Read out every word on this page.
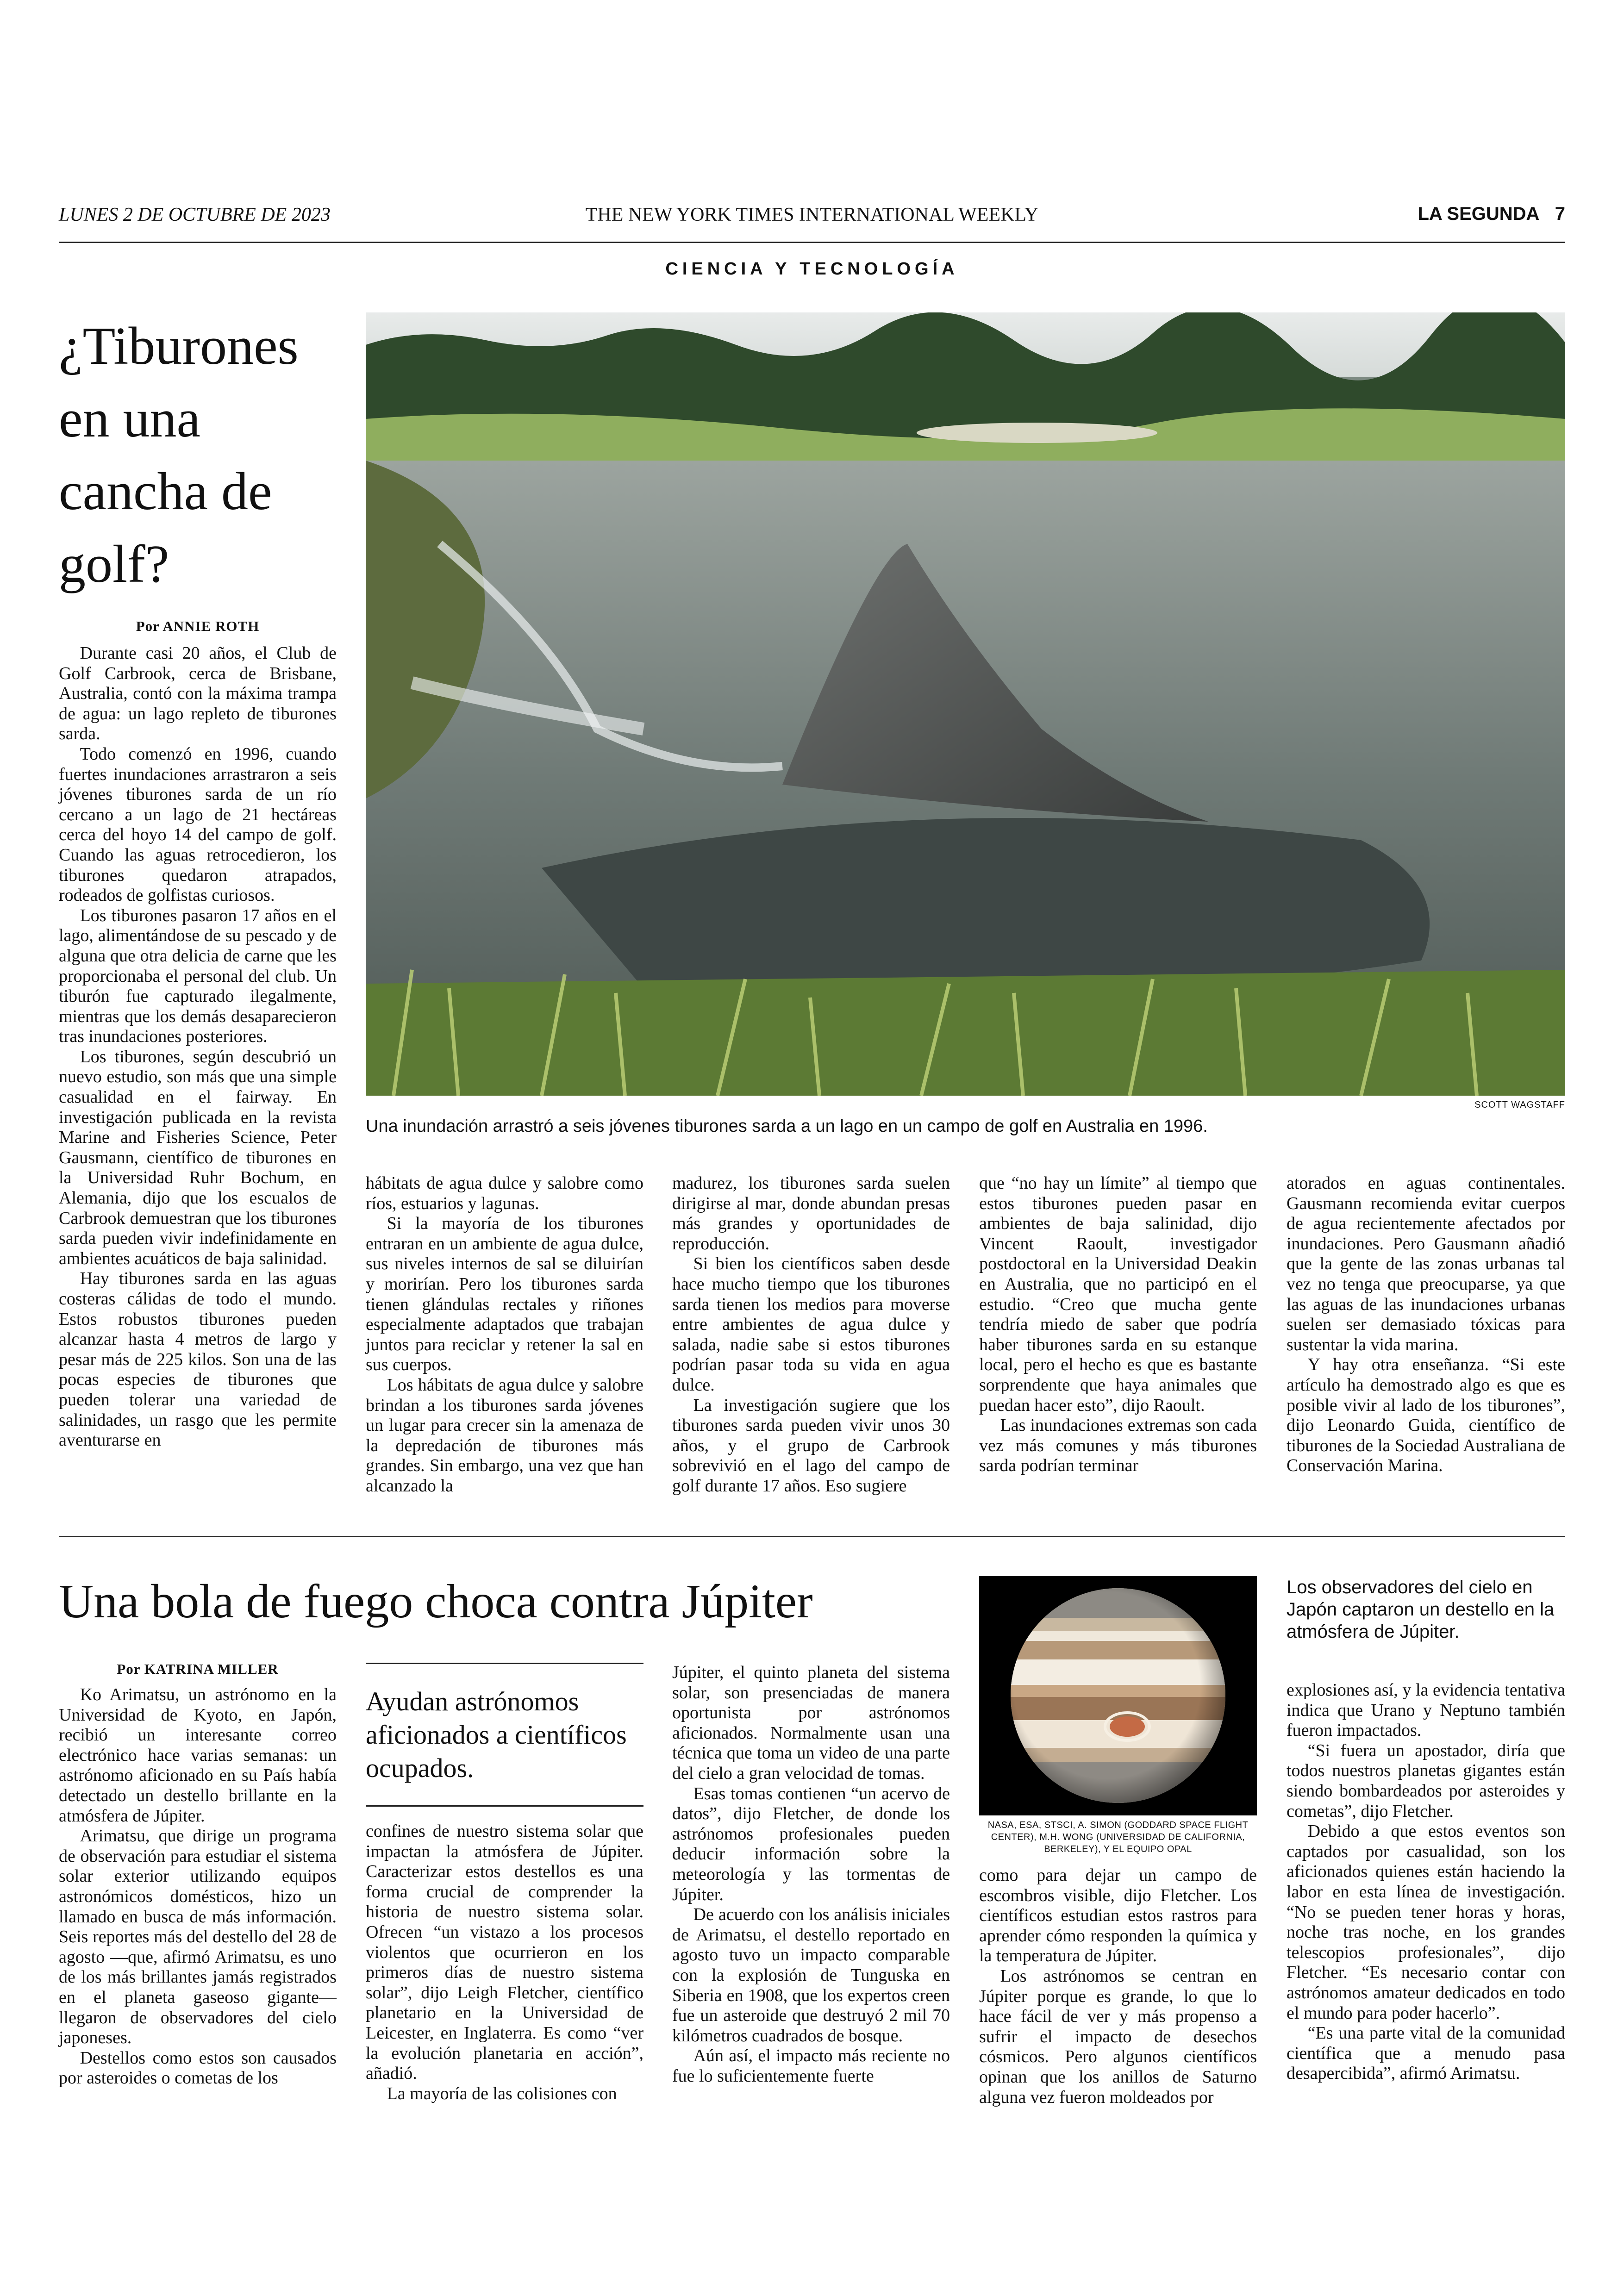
LUNES 2 DE OCTUBRE DE 2023	THE NEW YORK TIMES INTERNATIONAL WEEKLY	LA SEGUNDA 7
CIENCIA Y TECNOLOGÍA
¿Tiburones en una cancha de golf?
Por ANNIE ROTH
SCOTT WAGSTAFF
Una inundación arrastró a seis jóvenes tiburones sarda a un lago en un campo de golf en Australia en 1996.

Durante casi 20 años, el Club de Golf Carbrook, cerca de Brisbane, Australia, contó con la máxima trampa de agua: un lago repleto de tiburones sarda.

Todo comenzó en 1996, cuando fuertes inundaciones arrastraron a seis jóvenes tiburones sarda de un río cercano a un lago de 21 hectáreas cerca del hoyo 14 del campo de golf. Cuando las aguas retrocedieron, los tiburones quedaron atrapados, rodeados de golfistas curiosos.

Los tiburones pasaron 17 años en el lago, alimentándose de su pescado y de alguna que otra delicia de carne que les proporcionaba el personal del club. Un tiburón fue capturado ilegalmente, mientras que los demás desaparecieron tras inundaciones posteriores.

Los tiburones, según descubrió un nuevo estudio, son más que una simple casualidad en el fairway. En investigación publicada en la revista Marine and Fisheries Science, Peter Gausmann, científico de tiburones en la Universidad Ruhr Bochum, en Alemania, dijo que los escualos de Carbrook demuestran que los tiburones sarda pueden vivir indefinidamente en ambientes acuáticos de baja salinidad.

Hay tiburones sarda en las aguas costeras cálidas de todo el mundo. Estos robustos tiburones pueden alcanzar hasta 4 metros de largo y pesar más de 225 kilos. Son una de las pocas especies de tiburones que pueden tolerar una variedad de salinidades, un rasgo que les permite aventurarse en

hábitats de agua dulce y salobre como ríos, estuarios y lagunas.

Si la mayoría de los tiburones entraran en un ambiente de agua dulce, sus niveles internos de sal se diluirían y morirían. Pero los tiburones sarda tienen glándulas rectales y riñones especialmente adaptados que trabajan juntos para reciclar y retener la sal en sus cuerpos.

Los hábitats de agua dulce y salobre brindan a los tiburones sarda jóvenes un lugar para crecer sin la amenaza de la depredación de tiburones más grandes. Sin embargo, una vez que han alcanzado la

madurez, los tiburones sarda suelen dirigirse al mar, donde abundan presas más grandes y oportunidades de reproducción.

Si bien los científicos saben desde hace mucho tiempo que los tiburones sarda tienen los medios para moverse entre ambientes de agua dulce y salada, nadie sabe si estos tiburones podrían pasar toda su vida en agua dulce.

La investigación sugiere que los tiburones sarda pueden vivir unos 30 años, y el grupo de Carbrook sobrevivió en el lago del campo de golf durante 17 años. Eso sugiere

que “no hay un límite” al tiempo que estos tiburones pueden pasar en ambientes de baja salinidad, dijo Vincent Raoult, investigador postdoctoral en la Universidad Deakin en Australia, que no participó en el estudio. “Creo que mucha gente tendría miedo de saber que podría haber tiburones sarda en su estanque local, pero el hecho es que es bastante sorprendente que haya animales que puedan hacer esto”, dijo Raoult.

Las inundaciones extremas son cada vez más comunes y más tiburones sarda podrían terminar

atorados en aguas continentales. Gausmann recomienda evitar cuerpos de agua recientemente afectados por inundaciones. Pero Gausmann añadió que la gente de las zonas urbanas tal vez no tenga que preocuparse, ya que las aguas de las inundaciones urbanas suelen ser demasiado tóxicas para sustentar la vida marina.

Y hay otra enseñanza. “Si este artículo ha demostrado algo es que es posible vivir al lado de los tiburones”, dijo Leonardo Guida, científico de tiburones de la Sociedad Australiana de Conservación Marina.

Una bola de fuego choca contra Júpiter
Por KATRINA MILLER
Ayudan astrónomos aficionados a científicos ocupados.
NASA, ESA, STSCI, A. SIMON (GODDARD SPACE FLIGHT CENTER), M.H. WONG (UNIVERSIDAD DE CALIFORNIA, BERKELEY), Y EL EQUIPO OPAL
Los observadores del cielo en Japón captaron un destello en la atmósfera de Júpiter.

Ko Arimatsu, un astrónomo en la Universidad de Kyoto, en Japón, recibió un interesante correo electrónico hace varias semanas: un astrónomo aficionado en su País había detectado un destello brillante en la atmósfera de Júpiter.

Arimatsu, que dirige un programa de observación para estudiar el sistema solar exterior utilizando equipos astronómicos domésticos, hizo un llamado en busca de más información. Seis reportes más del destello del 28 de agosto —que, afirmó Arimatsu, es uno de los más brillantes jamás registrados en el planeta gaseoso gigante— llegaron de observadores del cielo japoneses.

Destellos como estos son causados por asteroides o cometas de los

confines de nuestro sistema solar que impactan la atmósfera de Júpiter. Caracterizar estos destellos es una forma crucial de comprender la historia de nuestro sistema solar. Ofrecen “un vistazo a los procesos violentos que ocurrieron en los primeros días de nuestro sistema solar”, dijo Leigh Fletcher, científico planetario en la Universidad de Leicester, en Inglaterra. Es como “ver la evolución planetaria en acción”, añadió.

La mayoría de las colisiones con

Júpiter, el quinto planeta del sistema solar, son presenciadas de manera oportunista por astrónomos aficionados. Normalmente usan una técnica que toma un video de una parte del cielo a gran velocidad de tomas.

Esas tomas contienen “un acervo de datos”, dijo Fletcher, de donde los astrónomos profesionales pueden deducir información sobre la meteorología y las tormentas de Júpiter.

De acuerdo con los análisis iniciales de Arimatsu, el destello reportado en agosto tuvo un impacto comparable con la explosión de Tunguska en Siberia en 1908, que los expertos creen fue un asteroide que destruyó 2 mil 70 kilómetros cuadrados de bosque.

Aún así, el impacto más reciente no fue lo suficientemente fuerte

como para dejar un campo de escombros visible, dijo Fletcher. Los científicos estudian estos rastros para aprender cómo responden la química y la temperatura de Júpiter.

Los astrónomos se centran en Júpiter porque es grande, lo que lo hace fácil de ver y más propenso a sufrir el impacto de desechos cósmicos. Pero algunos científicos opinan que los anillos de Saturno alguna vez fueron moldeados por

explosiones así, y la evidencia tentativa indica que Urano y Neptuno también fueron impactados.

“Si fuera un apostador, diría que todos nuestros planetas gigantes están siendo bombardeados por asteroides y cometas”, dijo Fletcher.

Debido a que estos eventos son captados por casualidad, son los aficionados quienes están haciendo la labor en esta línea de investigación. “No se pueden tener horas y horas, noche tras noche, en los grandes telescopios profesionales”, dijo Fletcher. “Es necesario contar con astrónomos amateur dedicados en todo el mundo para poder hacerlo”.

“Es una parte vital de la comunidad científica que a menudo pasa desapercibida”, afirmó Arimatsu.
